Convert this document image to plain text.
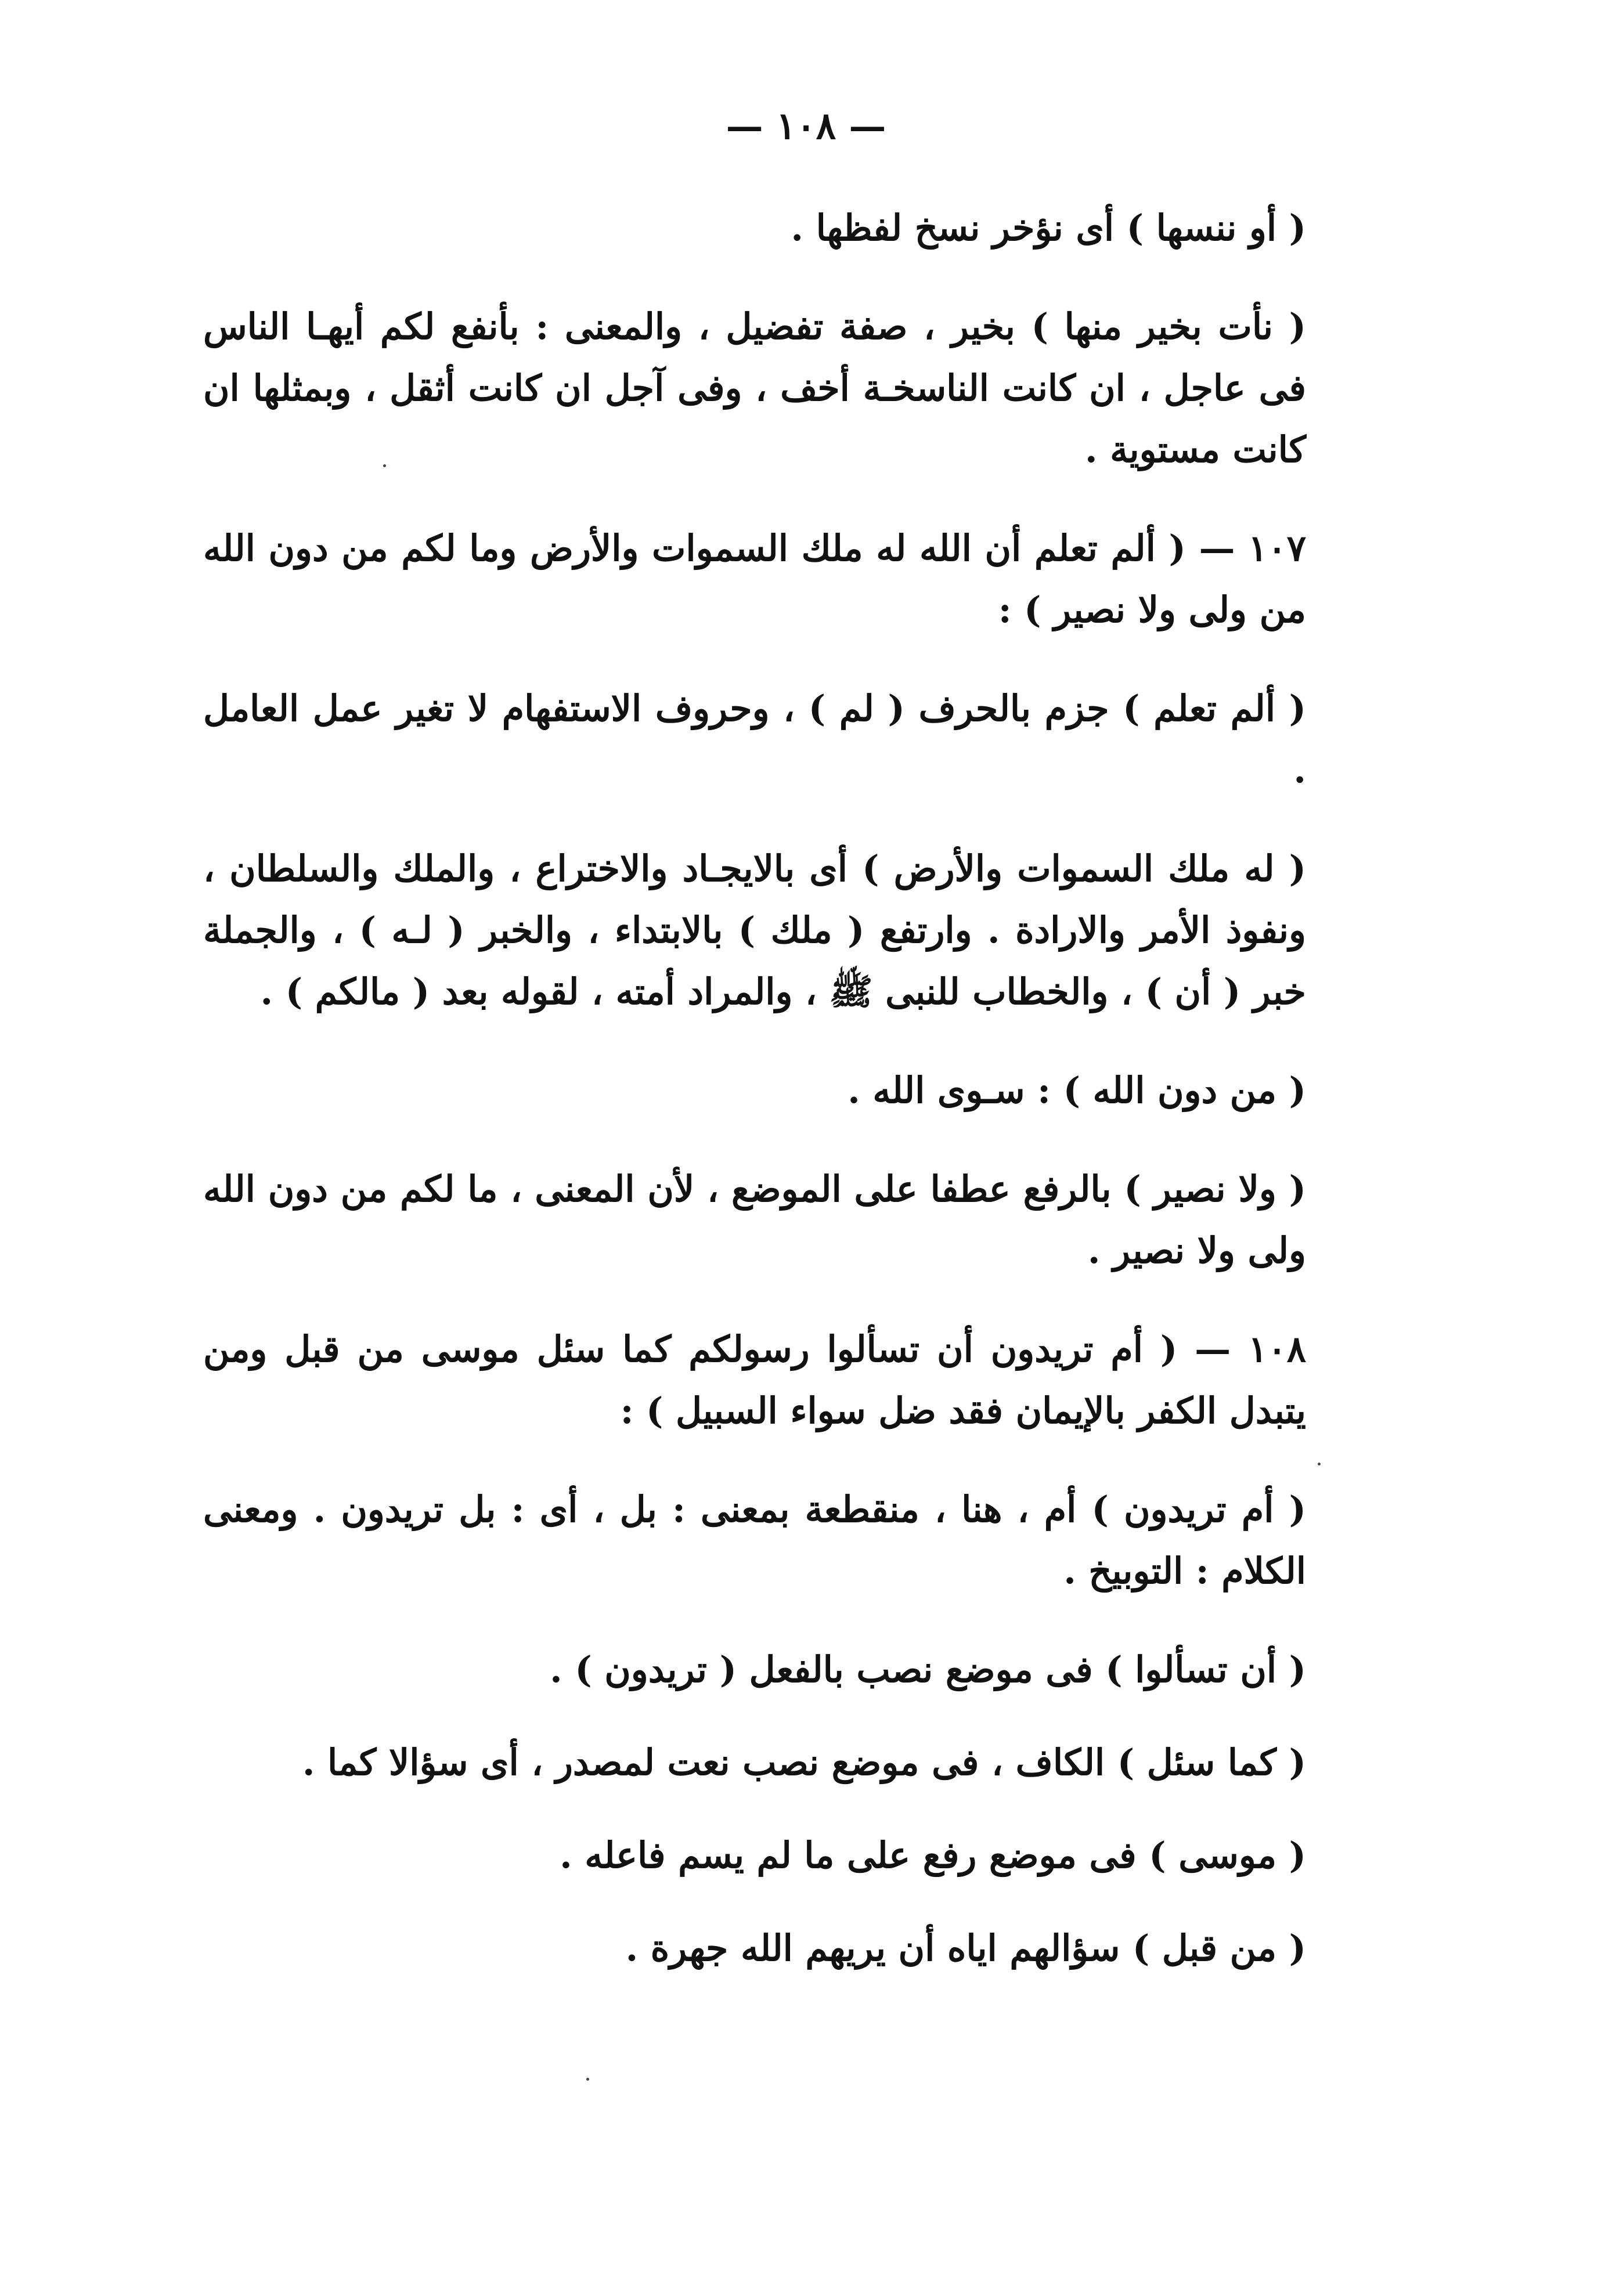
— ١٠٨ —

( أو ننسها ) أى نؤخر نسخ لفظها .

( نأت بخير منها ) بخير ، صفة تفضيل ، والمعنى : بأنفع لكم أيهـا الناس فى عاجل ، ان كانت الناسخـة أخف ، وفى آجل ان كانت أثقل ، وبمثلها ان كانت مستوية .

١٠٧ — ( ألم تعلم أن الله له ملك السموات والأرض وما لكم من دون الله من ولى ولا نصير ) :

( ألم تعلم ) جزم بالحرف ( لم ) ، وحروف الاستفهام لا تغير عمل العامل .

( له ملك السموات والأرض ) أى بالايجـاد والاختراع ، والملك والسلطان ، ونفوذ الأمر والارادة . وارتفع ( ملك ) بالابتداء ، والخبر ( لـه ) ، والجملة خبر ( أن ) ، والخطاب للنبى ﷺ ، والمراد أمته ، لقوله بعد ( مالكم ) .

( من دون الله ) : سـوى الله .

( ولا نصير ) بالرفع عطفا على الموضع ، لأن المعنى ، ما لكم من دون الله ولى ولا نصير .

١٠٨ — ( أم تريدون أن تسألوا رسولكم كما سئل موسى من قبل ومن يتبدل الكفر بالإيمان فقد ضل سواء السبيل ) :

( أم تريدون ) أم ، هنا ، منقطعة بمعنى : بل ، أى : بل تريدون . ومعنى الكلام : التوبيخ .

( أن تسألوا ) فى موضع نصب بالفعل ( تريدون ) .

( كما سئل ) الكاف ، فى موضع نصب نعت لمصدر ، أى سؤالا كما .

( موسى ) فى موضع رفع على ما لم يسم فاعله .

( من قبل ) سؤالهم اياه أن يريهم الله جهرة .
